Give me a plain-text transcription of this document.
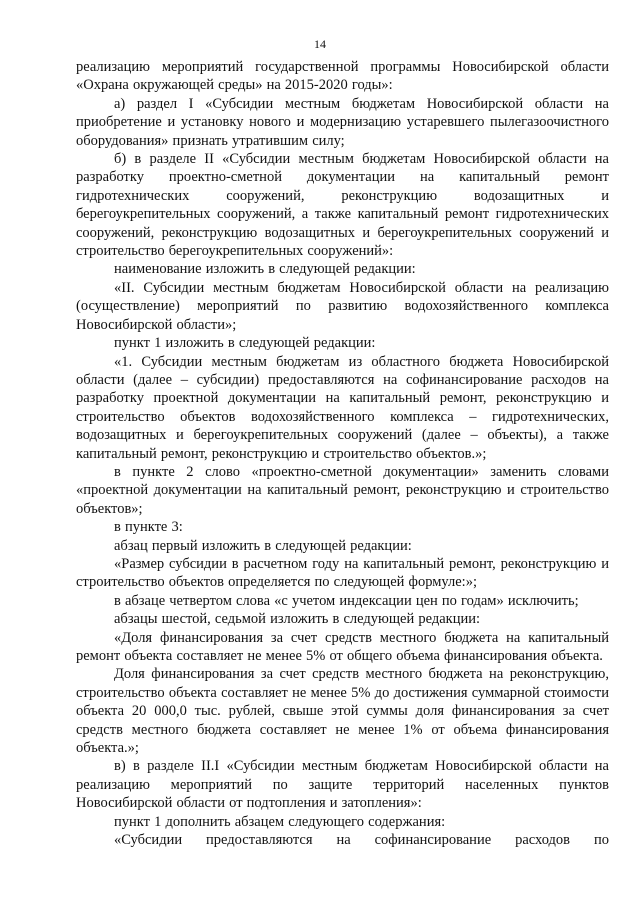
14

реализацию мероприятий государственной программы Новосибирской области «Охрана окружающей среды» на 2015-2020 годы»:

а) раздел I «Субсидии местным бюджетам Новосибирской области на приобретение и установку нового и модернизацию устаревшего пылегазоочистного оборудования» признать утратившим силу;

б) в разделе II «Субсидии местным бюджетам Новосибирской области на разработку проектно-сметной документации на капитальный ремонт гидротехнических сооружений, реконструкцию водозащитных и берегоукрепительных сооружений, а также капитальный ремонт гидротехнических сооружений, реконструкцию водозащитных и берегоукрепительных сооружений и строительство берегоукрепительных сооружений»:

наименование изложить в следующей редакции:

«II. Субсидии местным бюджетам Новосибирской области на реализацию (осуществление) мероприятий по развитию водохозяйственного комплекса Новосибирской области»;

пункт 1 изложить в следующей редакции:

«1. Субсидии местным бюджетам из областного бюджета Новосибирской области (далее – субсидии) предоставляются на софинансирование расходов на разработку проектной документации на капитальный ремонт, реконструкцию и строительство объектов водохозяйственного комплекса – гидротехнических, водозащитных и берегоукрепительных сооружений (далее – объекты), а также капитальный ремонт, реконструкцию и строительство объектов.»;

в пункте 2 слово «проектно-сметной документации» заменить словами «проектной документации на капитальный ремонт, реконструкцию и строительство объектов»;

в пункте 3:

абзац первый изложить в следующей редакции:

«Размер субсидии в расчетном году на капитальный ремонт, реконструкцию и строительство объектов определяется по следующей формуле:»;

в абзаце четвертом слова «с учетом индексации цен по годам» исключить;

абзацы шестой, седьмой изложить в следующей редакции:

«Доля финансирования за счет средств местного бюджета на капитальный ремонт объекта составляет не менее 5% от общего объема финансирования объекта.

Доля финансирования за счет средств местного бюджета на реконструкцию, строительство объекта составляет не менее 5% до достижения суммарной стоимости объекта 20 000,0 тыс. рублей, свыше этой суммы доля финансирования за счет средств местного бюджета составляет не менее 1% от объема финансирования объекта.»;

в) в разделе II.I «Субсидии местным бюджетам Новосибирской области на реализацию мероприятий по защите территорий населенных пунктов Новосибирской области от подтопления и затопления»:

пункт 1 дополнить абзацем следующего содержания:

«Субсидии предоставляются на софинансирование расходов по
